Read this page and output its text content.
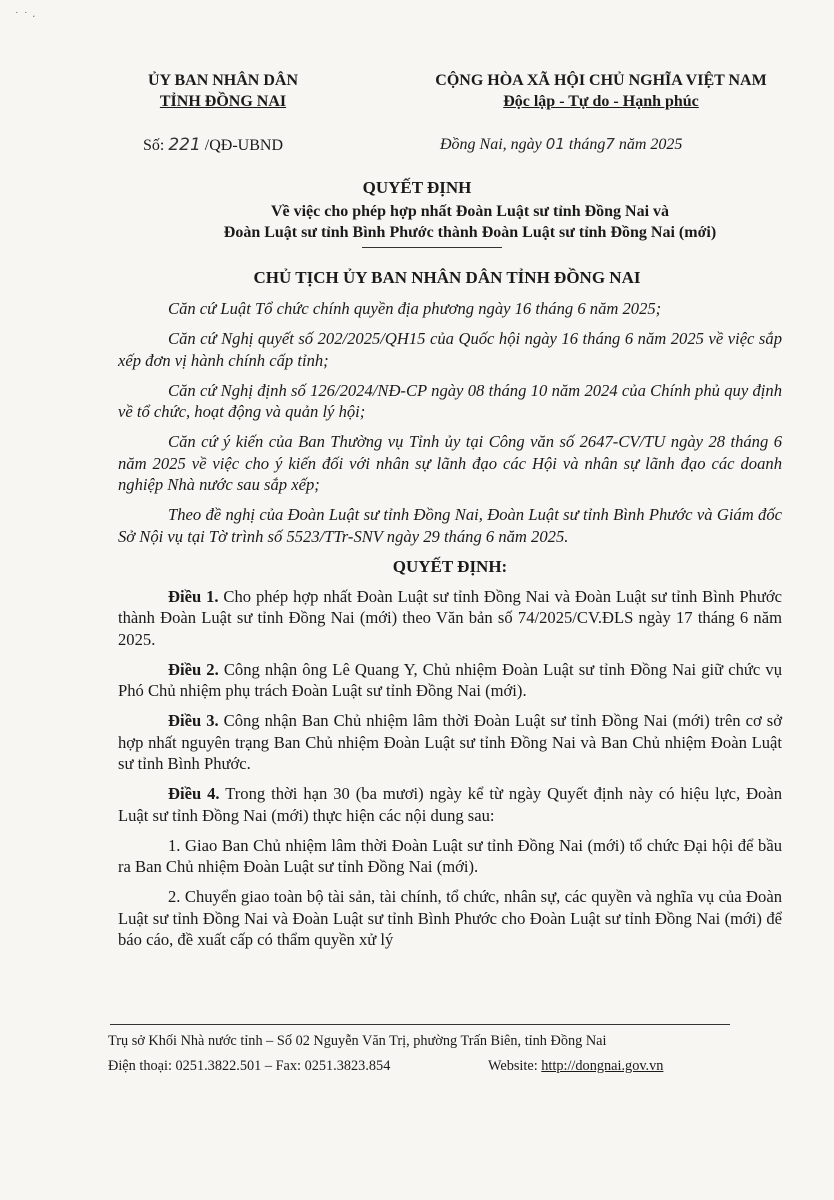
˙ ˙ ·
ỦY BAN NHÂN DÂN
TỈNH ĐỒNG NAI
CỘNG HÒA XÃ HỘI CHỦ NGHĨA VIỆT NAM
Độc lập - Tự do - Hạnh phúc
Số: 221 /QĐ-UBND	Đồng Nai, ngày 01 tháng7 năm 2025
QUYẾT ĐỊNH
Về việc cho phép hợp nhất Đoàn Luật sư tỉnh Đồng Nai và
Đoàn Luật sư tỉnh Bình Phước thành Đoàn Luật sư tỉnh Đồng Nai (mới)
CHỦ TỊCH ỦY BAN NHÂN DÂN TỈNH ĐỒNG NAI

Căn cứ Luật Tổ chức chính quyền địa phương ngày 16 tháng 6 năm 2025;

Căn cứ Nghị quyết số 202/2025/QH15 của Quốc hội ngày 16 tháng 6 năm 2025 về việc sắp xếp đơn vị hành chính cấp tỉnh;

Căn cứ Nghị định số 126/2024/NĐ-CP ngày 08 tháng 10 năm 2024 của Chính phủ quy định về tổ chức, hoạt động và quản lý hội;

Căn cứ ý kiến của Ban Thường vụ Tỉnh ủy tại Công văn số 2647-CV/TU ngày 28 tháng 6 năm 2025 về việc cho ý kiến đối với nhân sự lãnh đạo các Hội và nhân sự lãnh đạo các doanh nghiệp Nhà nước sau sắp xếp;

Theo đề nghị của Đoàn Luật sư tỉnh Đồng Nai, Đoàn Luật sư tỉnh Bình Phước và Giám đốc Sở Nội vụ tại Tờ trình số 5523/TTr-SNV ngày 29 tháng 6 năm 2025.

QUYẾT ĐỊNH:

Điều 1. Cho phép hợp nhất Đoàn Luật sư tỉnh Đồng Nai và Đoàn Luật sư tỉnh Bình Phước thành Đoàn Luật sư tỉnh Đồng Nai (mới) theo Văn bản số 74/2025/CV.ĐLS ngày 17 tháng 6 năm 2025.

Điều 2. Công nhận ông Lê Quang Y, Chủ nhiệm Đoàn Luật sư tỉnh Đồng Nai giữ chức vụ Phó Chủ nhiệm phụ trách Đoàn Luật sư tỉnh Đồng Nai (mới).

Điều 3. Công nhận Ban Chủ nhiệm lâm thời Đoàn Luật sư tỉnh Đồng Nai (mới) trên cơ sở hợp nhất nguyên trạng Ban Chủ nhiệm Đoàn Luật sư tỉnh Đồng Nai và Ban Chủ nhiệm Đoàn Luật sư tỉnh Bình Phước.

Điều 4. Trong thời hạn 30 (ba mươi) ngày kể từ ngày Quyết định này có hiệu lực, Đoàn Luật sư tỉnh Đồng Nai (mới) thực hiện các nội dung sau:

1. Giao Ban Chủ nhiệm lâm thời Đoàn Luật sư tỉnh Đồng Nai (mới) tổ chức Đại hội để bầu ra Ban Chủ nhiệm Đoàn Luật sư tỉnh Đồng Nai (mới).

2. Chuyển giao toàn bộ tài sản, tài chính, tổ chức, nhân sự, các quyền và nghĩa vụ của Đoàn Luật sư tỉnh Đồng Nai và Đoàn Luật sư tỉnh Bình Phước cho Đoàn Luật sư tỉnh Đồng Nai (mới) để báo cáo, đề xuất cấp có thẩm quyền xử lý

Trụ sở Khối Nhà nước tỉnh – Số 02 Nguyễn Văn Trị, phường Trấn Biên, tỉnh Đồng Nai
Điện thoại: 0251.3822.501 – Fax: 0251.3823.854	Website: http://dongnai.gov.vn
